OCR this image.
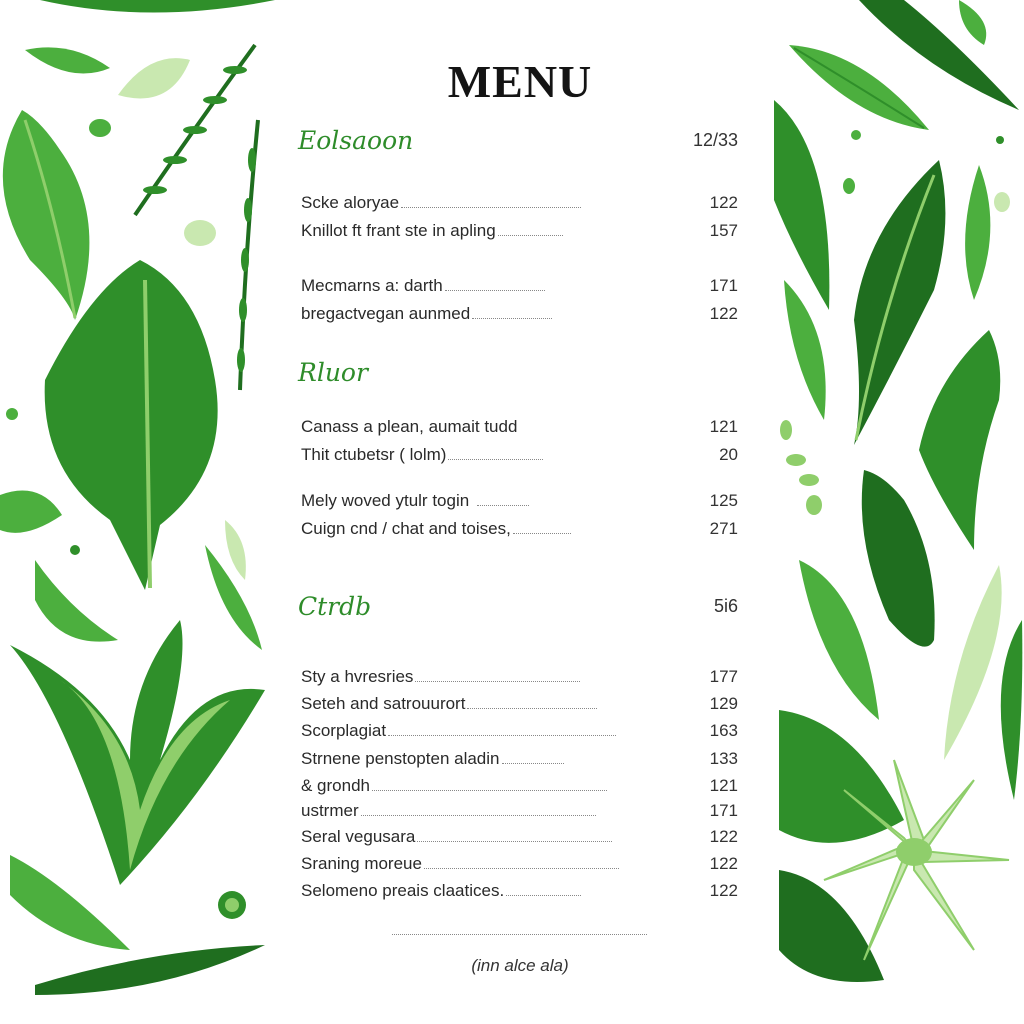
MENU
Eolsaoon	12/33
Scke alorуае	122
Knillot ft frant ste in apling	157
Mecmarns a: darth	171
bregactvegan aunmed	122
Rluor
Canass a plean, aumait tudd	121
Thit ctubetsr ( lolm)	20
Mely woved ytulr togin	125
Cuign cnd / chat and toises,	271
Ctrdb	5i6
Sty a hvresries	177
Seteh and satrouurort	129
Scorplagiat	163
Strnene penstopten aladin	133
& grondh	121
ustrmer	171
Seral vegusara	122
Sraning moreue	122
Selomeno preais claatices.	122
(inn alce ala)
